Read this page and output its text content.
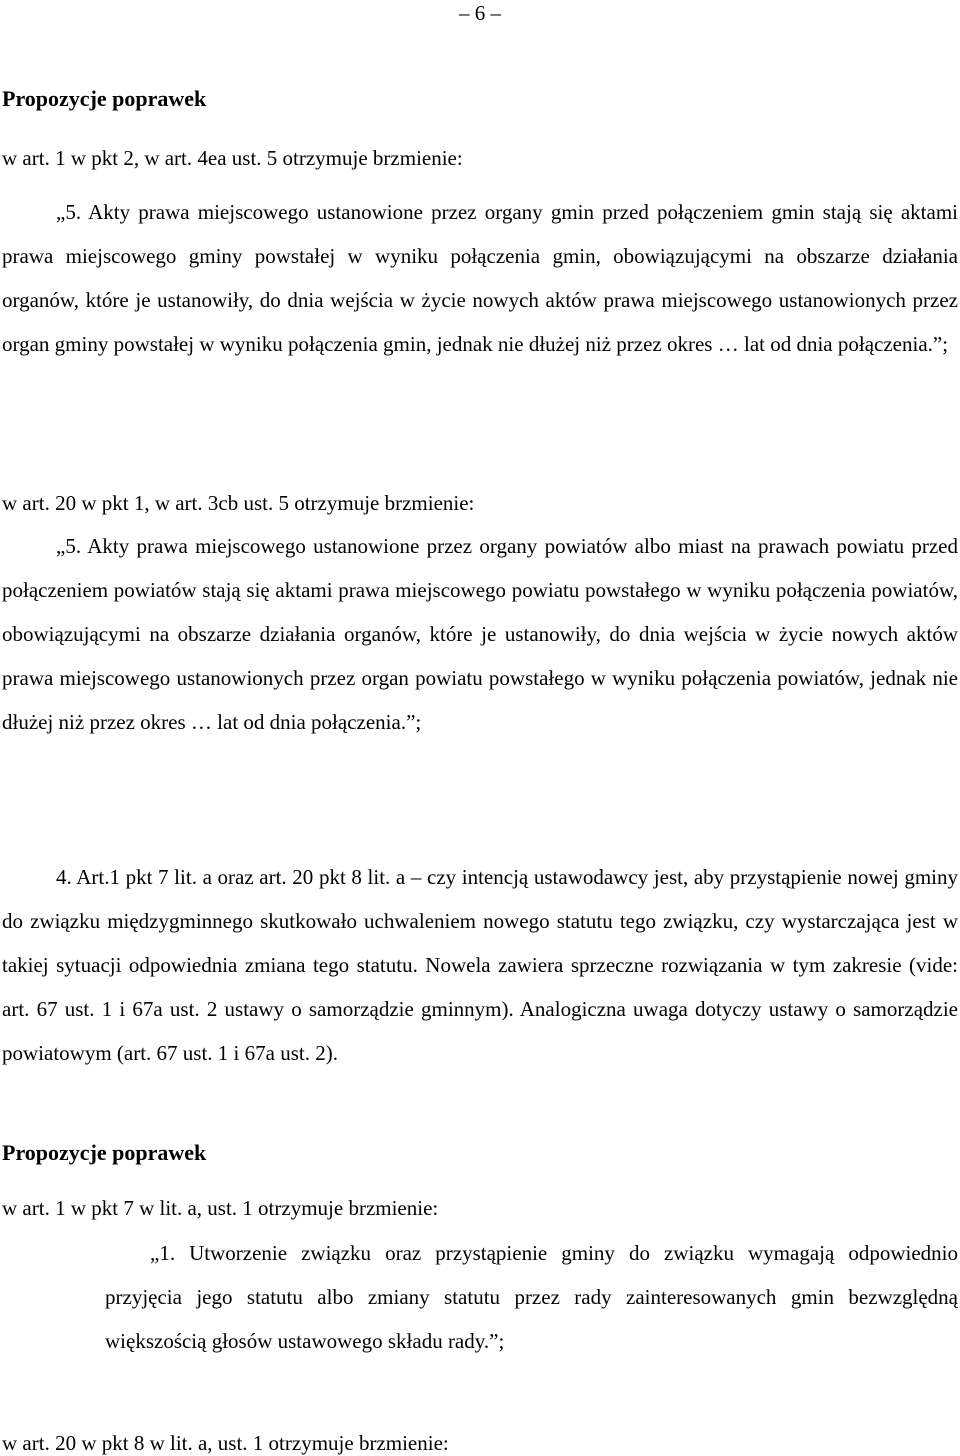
– 6 –
Propozycje poprawek
w art. 1 w pkt 2, w art. 4ea ust. 5 otrzymuje brzmienie:
„5. Akty prawa miejscowego ustanowione przez organy gmin przed połączeniem gmin stają się aktami prawa miejscowego gminy powstałej w wyniku połączenia gmin, obowiązującymi na obszarze działania organów, które je ustanowiły, do dnia wejścia w życie nowych aktów prawa miejscowego ustanowionych przez organ gminy powstałej w wyniku połączenia gmin, jednak nie dłużej niż przez okres … lat od dnia połączenia.”;
w art. 20 w pkt 1, w art. 3cb ust. 5 otrzymuje brzmienie:
„5. Akty prawa miejscowego ustanowione przez organy powiatów albo miast na prawach powiatu przed połączeniem powiatów stają się aktami prawa miejscowego powiatu powstałego w wyniku połączenia powiatów, obowiązującymi na obszarze działania organów, które je ustanowiły, do dnia wejścia w życie nowych aktów prawa miejscowego ustanowionych przez organ powiatu powstałego w wyniku połączenia powiatów, jednak nie dłużej niż przez okres … lat od dnia połączenia.”;
4. Art.1 pkt 7 lit. a oraz art. 20 pkt 8 lit. a – czy intencją ustawodawcy jest, aby przystąpienie nowej gminy do związku międzygminnego skutkowało uchwaleniem nowego statutu tego związku, czy wystarczająca jest w takiej sytuacji odpowiednia zmiana tego statutu. Nowela zawiera sprzeczne rozwiązania w tym zakresie (vide: art. 67 ust. 1 i 67a ust. 2 ustawy o samorządzie gminnym). Analogiczna uwaga dotyczy ustawy o samorządzie powiatowym (art. 67 ust. 1 i 67a ust. 2).
Propozycje poprawek
w art. 1 w pkt 7 w lit. a, ust. 1 otrzymuje brzmienie:
„1. Utworzenie związku oraz przystąpienie gminy do związku wymagają odpowiednio przyjęcia jego statutu albo zmiany statutu przez rady zainteresowanych gmin bezwzględną większością głosów ustawowego składu rady.”;
w art. 20 w pkt 8 w lit. a, ust. 1 otrzymuje brzmienie:
